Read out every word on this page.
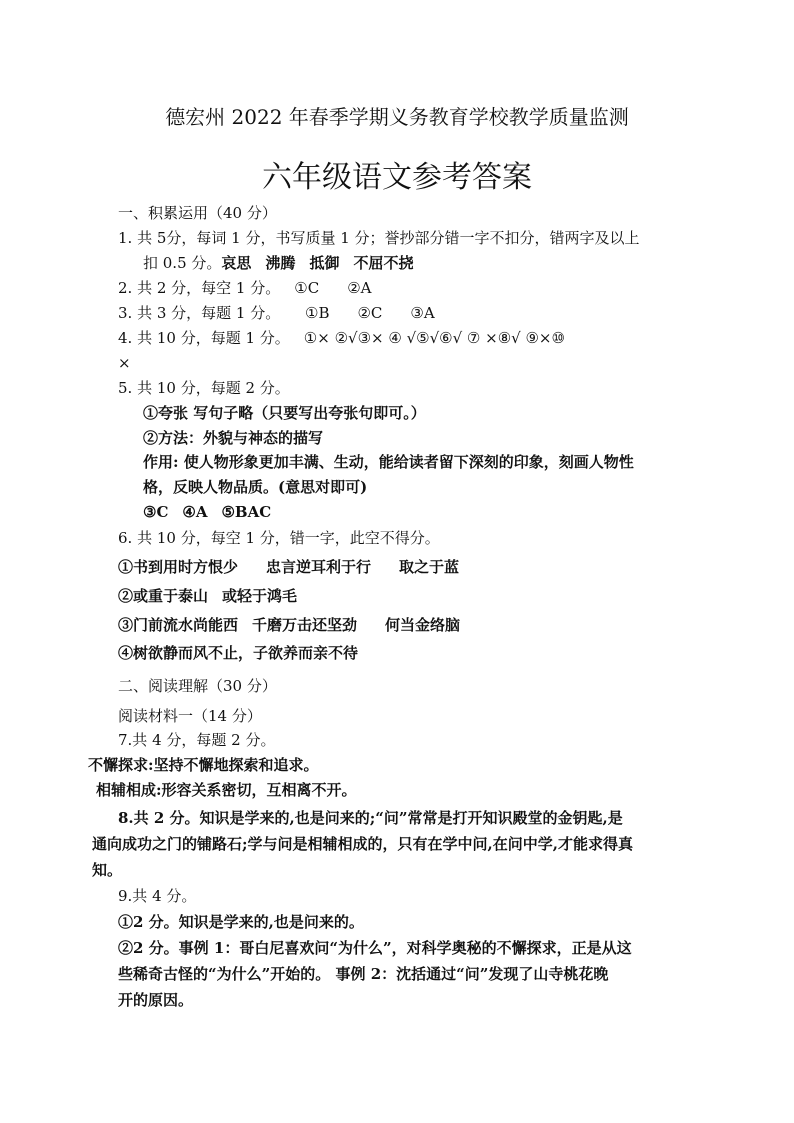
德宏州 2022 年春季学期义务教育学校教学质量监测
六年级语文参考答案
一、积累运用（40 分）
1. 共 5分，每词 1 分，书写质量 1 分；誉抄部分错一字不扣分，错两字及以上
扣 0.5 分。哀思 沸腾 抵御 不屈不挠
2. 共 2 分，每空 1 分。 ①C ②A
3. 共 3 分，每题 1 分。
4. 共 10 分，每题 1 分。 ①× ②√③× ④ √⑤√⑥√ ⑦ ×⑧√ ⑨×⑩
×
5. 共 10 分，每题 2 分。
①夸张 写句子略（只要写出夸张句即可。）
②方法：外貌与神态的描写
作用: 使人物形象更加丰满、生动，能给读者留下深刻的印象，刻画人物性
格，反映人物品质。(意思对即可)
③C ④A ⑤BAC
6. 共 10 分，每空 1 分，错一字，此空不得分。
①书到用时方恨少 忠言逆耳利于行 取之于蓝
②或重于泰山 或轻于鸿毛
③门前流水尚能西 千磨万击还坚劲 何当金络脑
④树欲静而风不止，子欲养而亲不待
二、阅读理解（30 分）
阅读材料一（14 分）
7.共 4 分，每题 2 分。
不懈探求:坚持不懈地探索和追求。
相辅相成:形容关系密切，互相离不开。
8.共 2 分。知识是学来的,也是问来的;“问”常常是打开知识殿堂的金钥匙,是
通向成功之门的铺路石;学与问是相辅相成的，只有在学中问,在问中学,才能求得真
知。
9.共 4 分。
①2 分。知识是学来的,也是问来的。
②2 分。事例 1：哥白尼喜欢问“为什么”，对科学奥秘的不懈探求，正是从这
些稀奇古怪的“为什么”开始的。 事例 2：沈括通过“问”发现了山寺桃花晚
开的原因。
①B ②C ③A
